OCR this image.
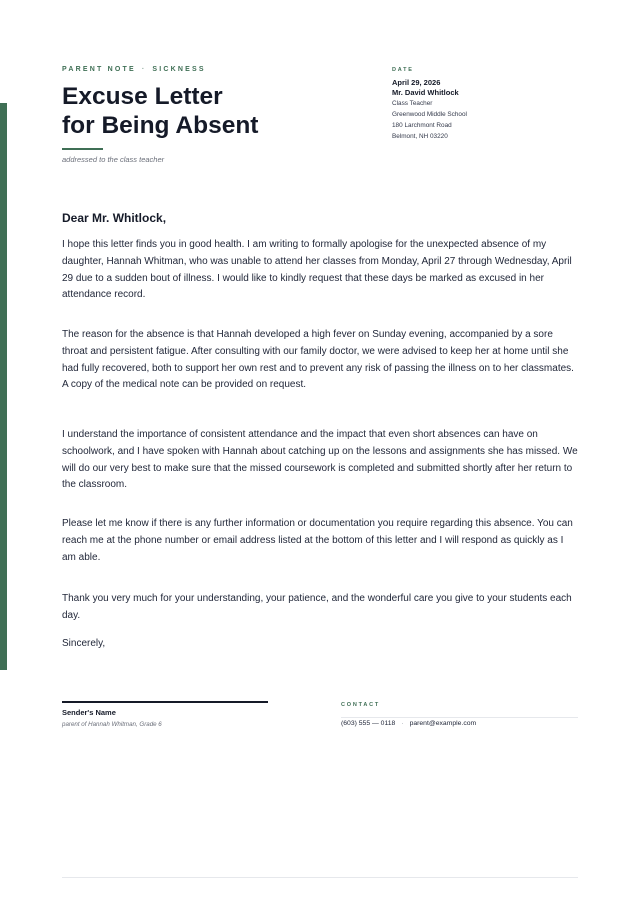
PARENT NOTE · SICKNESS
Excuse Letter
for Being Absent
addressed to the class teacher
DATE
April 29, 2026
Mr. David Whitlock
Class Teacher
Greenwood Middle School
180 Larchmont Road
Belmont, NH 03220
Dear Mr. Whitlock,

I hope this letter finds you in good health. I am writing to formally apologise for the unexpected absence of my daughter, Hannah Whitman, who was unable to attend her classes from Monday, April 27 through Wednesday, April 29 due to a sudden bout of illness. I would like to kindly request that these days be marked as excused in her attendance record.

The reason for the absence is that Hannah developed a high fever on Sunday evening, accompanied by a sore throat and persistent fatigue. After consulting with our family doctor, we were advised to keep her at home until she had fully recovered, both to support her own rest and to prevent any risk of passing the illness on to her classmates. A copy of the medical note can be provided on request.

I understand the importance of consistent attendance and the impact that even short absences can have on schoolwork, and I have spoken with Hannah about catching up on the lessons and assignments she has missed. We will do our very best to make sure that the missed coursework is completed and submitted shortly after her return to the classroom.

Please let me know if there is any further information or documentation you require regarding this absence. You can reach me at the phone number or email address listed at the bottom of this letter and I will respond as quickly as I am able.

Thank you very much for your understanding, your patience, and the wonderful care you give to your students each day.

Sincerely,
Sender's Name
parent of Hannah Whitman, Grade 6
CONTACT
(603) 555 — 0118 · parent@example.com
